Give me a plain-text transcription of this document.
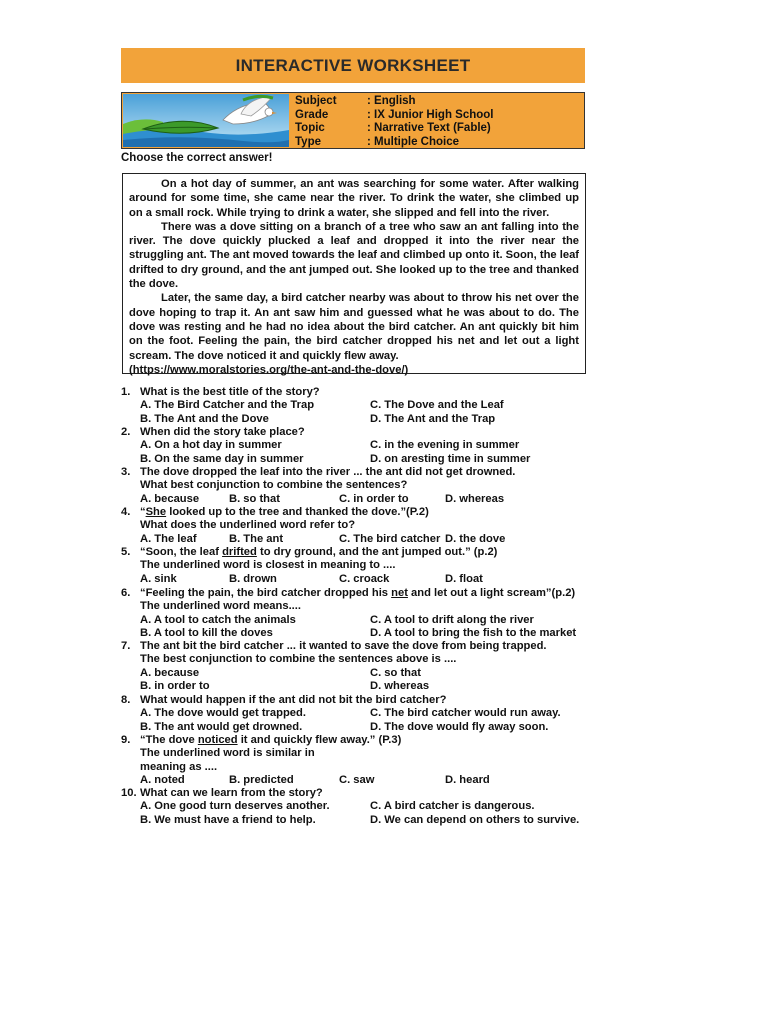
INTERACTIVE WORKSHEET
Subject	: English
Grade	: IX Junior High School
Topic	: Narrative Text (Fable)
Type	: Multiple Choice
Choose the correct answer!

On a hot day of summer, an ant was searching for some water. After walking around for some time, she came near the river. To drink the water, she climbed up on a small rock. While trying to drink a water, she slipped and fell into the river.

There was a dove sitting on a branch of a tree who saw an ant falling into the river. The dove quickly plucked a leaf and dropped it into the river near the struggling ant. The ant moved towards the leaf and climbed up onto it. Soon, the leaf drifted to dry ground, and the ant jumped out. She looked up to the tree and thanked the dove.

Later, the same day, a bird catcher nearby was about to throw his net over the dove hoping to trap it. An ant saw him and guessed what he was about to do. The dove was resting and he had no idea about the bird catcher. An ant quickly bit him on the foot. Feeling the pain, the bird catcher dropped his net and let out a light scream. The dove noticed it and quickly flew away.

(https://www.moralstories.org/the-ant-and-the-dove/)

1. What is the best title of the story?
A. The Bird Catcher and the Trap	C. The Dove and the Leaf
B. The Ant and the Dove	D. The Ant and the Trap
2. When did the story take place?
A. On a hot day in summer	C. in the evening in summer
B. On the same day in summer	D. on aresting time in summer
3. The dove dropped the leaf into the river ... the ant did not get drowned.
What best conjunction to combine the sentences?
A. because	B. so that	C. in order to	D. whereas
4. “She looked up to the tree and thanked the dove.”(P.2)
What does the underlined word refer to?
A. The leaf	B. The ant	C. The bird catcher D. the dove
5. “Soon, the leaf drifted to dry ground, and the ant jumped out.” (p.2)
The underlined word is closest in meaning to ....
A. sink	B. drown	C. croack	D. float
6. “Feeling the pain, the bird catcher dropped his net and let out a light scream”(p.2)
The underlined word means....
A. A tool to catch the animals	C. A tool to drift along the river
B. A tool to kill the doves	D. A tool to bring the fish to the market
7. The ant bit the bird catcher ... it wanted to save the dove from being trapped.
The best conjunction to combine the sentences above is ....
A. because	C. so that
B. in order to	D. whereas
8. What would happen if the ant did not bit the bird catcher?
A. The dove would get trapped.	C. The bird catcher would run away.
B. The ant would get drowned.	D. The dove would fly away soon.
9. “The dove noticed it and quickly flew away.” (P.3)
The underlined word is similar in
meaning as ....
A. noted	B. predicted	C. saw	D. heard
10. What can we learn from the story?
A. One good turn deserves another.	C. A bird catcher is dangerous.
B. We must have a friend to help.	D. We can depend on others to survive.
